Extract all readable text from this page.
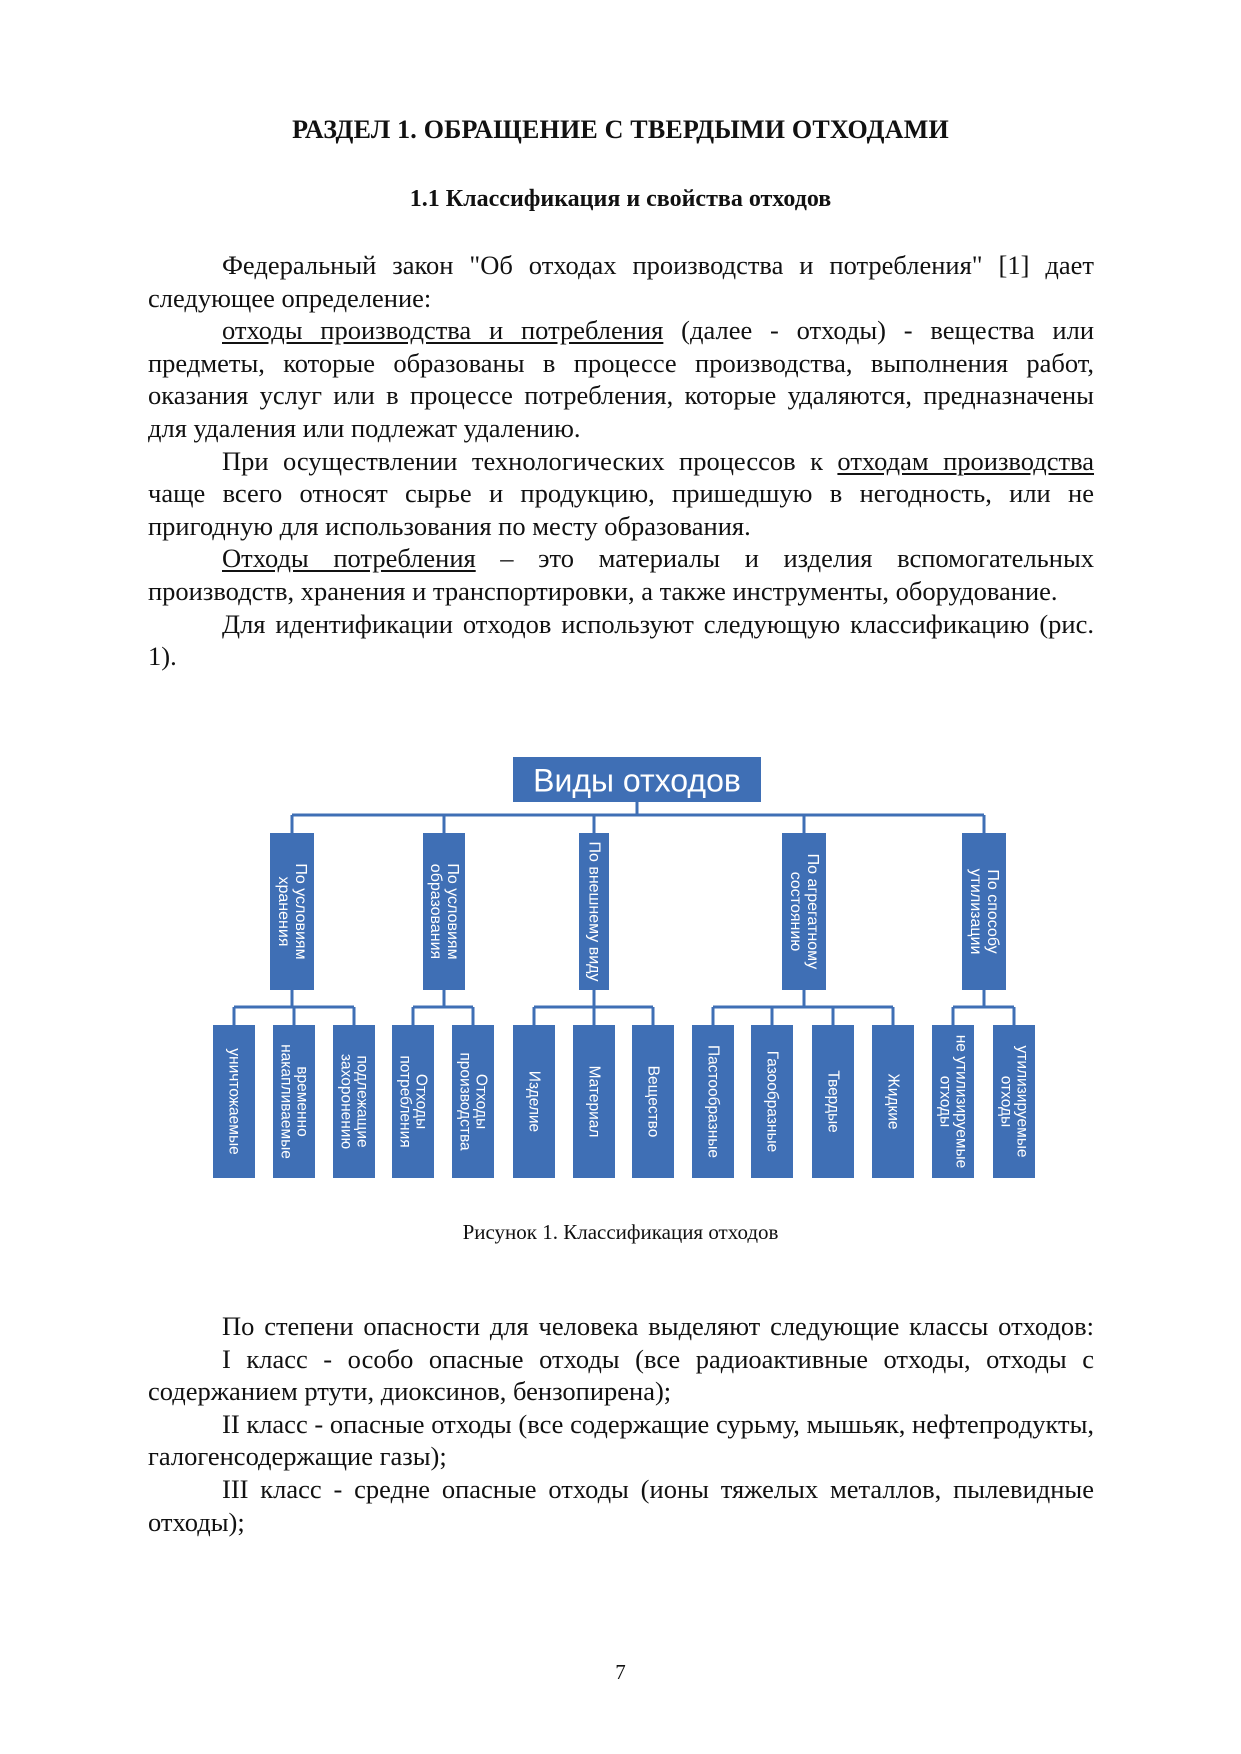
РАЗДЕЛ 1. ОБРАЩЕНИЕ С ТВЕРДЫМИ ОТХОДАМИ
1.1 Классификация и свойства отходов

Федеральный закон "Об отходах производства и потребления" [1] дает следующее определение:

отходы производства и потребления (далее - отходы) - вещества или предметы, которые образованы в процессе производства, выполнения работ, оказания услуг или в процессе потребления, которые удаляются, предназначены для удаления или подлежат удалению.

При осуществлении технологических процессов к отходам производства чаще всего относят сырье и продукцию, пришедшую в негодность, или не пригодную для использования по месту образования.

Отходы потребления – это материалы и изделия вспомогательных производств, хранения и транспортировки, а также инструменты, оборудование.

Для идентификации отходов используют следующую классификацию (рис. 1).

Виды отходов
По условиям
хранения
уничтожаемые	временно
накапливаемые	подлежащие
захоронению
По условиям
образования
Отходы
потребления	Отходы
производства
По внешнему виду
Изделие	Материал	Вещество
По агрегатному
состоянию
Пастообразные	Газообразные	Твердые	Жидкие
По способу
утилизации
не утилизируемые
отходы	утилизируемые
отходы
Рисунок 1. Классификация отходов

По степени опасности для человека выделяют следующие классы отходов:

I класс - особо опасные отходы (все радиоактивные отходы, отходы с содержанием ртути, диоксинов, бензопирена);

II класс - опасные отходы (все содержащие сурьму, мышьяк, нефтепродукты, галогенсодержащие газы);

III класс - средне опасные отходы (ионы тяжелых металлов, пылевидные отходы);

7
